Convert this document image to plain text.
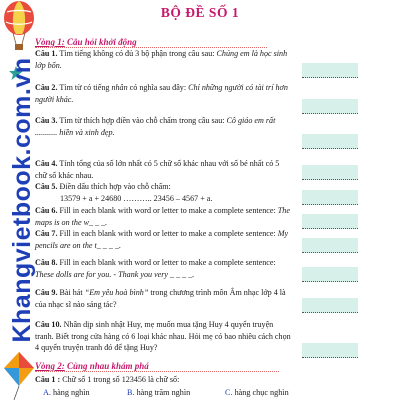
Khangvietbook.com.vn
BỘ ĐỀ SỐ 1
Vòng 1: Câu hỏi khởi động
Câu 1. Tìm tiếng không có đủ 3 bộ phận trong câu sau: Chúng em là học sinh lớp bốn.
Câu 2. Tìm từ có tiếng nhân có nghĩa sau đây: Chỉ những người có tài trí hơn người khác.
Câu 3. Tìm từ thích hợp điền vào chỗ chấm trong câu sau: Cô giáo em rất ........... hiền và xinh đẹp.
Câu 4. Tính tổng của số lớn nhất có 5 chữ số khác nhau với số bé nhất có 5 chữ số khác nhau.
Câu 5. Điền dấu thích hợp vào chỗ chấm:
13579 + a + 24680 ……….. 23456 – 4567 + a.
Câu 6. Fill in each blank with word or letter to make a complete sentence: The maps is on the w_ _ _.
Câu 7. Fill in each blank with word or letter to make a complete sentence: My pencils are on the t_ _ _ _.
Câu 8. Fill in each blank with word or letter to make a complete sentence: These dolls are for you. - Thank you very _ _ _ _.
Câu 9. Bài hát “Em yêu hoà bình” trong chương trình môn Âm nhạc lớp 4 là của nhạc sĩ nào sáng tác?
Câu 10. Nhân dịp sinh nhật Huy, mẹ muốn mua tặng Huy 4 quyển truyện tranh. Biết trong cửa hàng có 6 loại khác nhau. Hỏi mẹ có bao nhiêu cách chọn 4 quyển truyện tranh đó để tặng Huy?
Vòng 2: Cùng nhau khám phá
Câu 1 : Chữ số 1 trong số 123456 là chữ số:
A. hàng nghìn	B. hàng trăm nghìn	C. hàng chục nghìn
